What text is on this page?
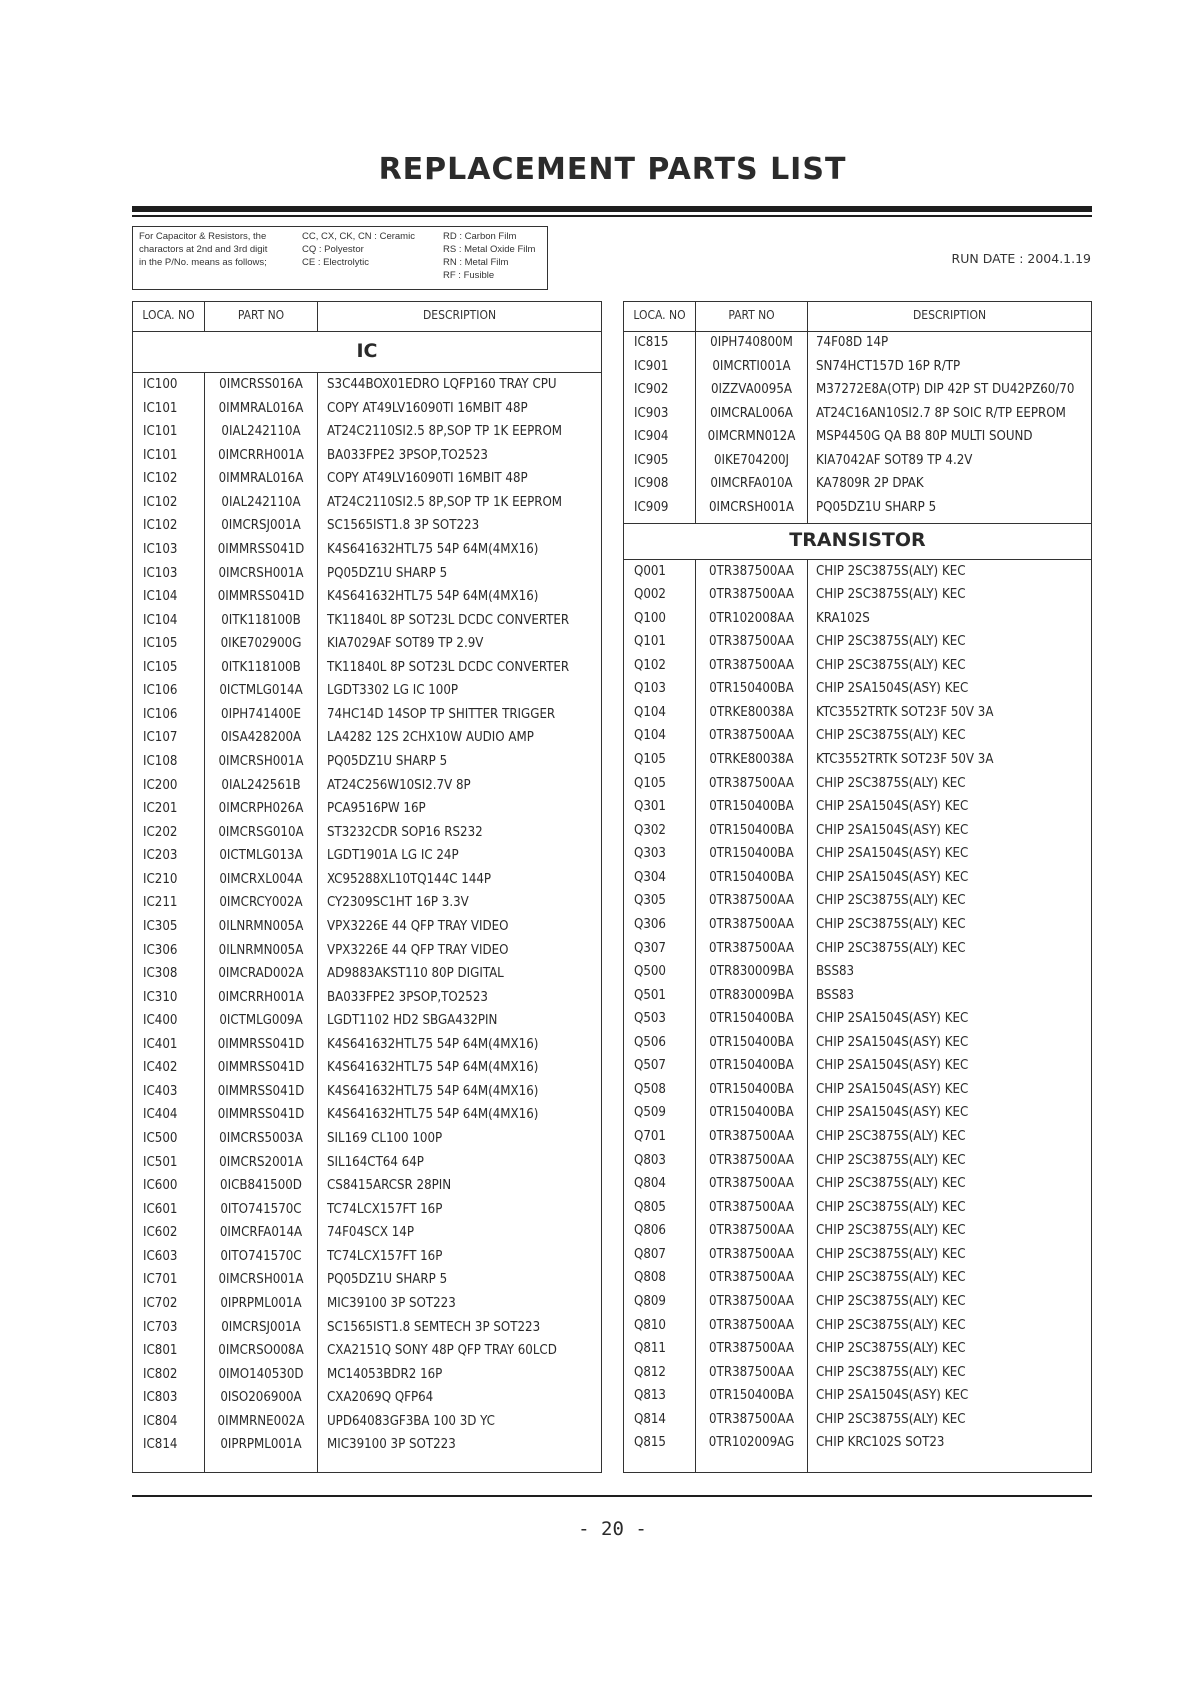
REPLACEMENT PARTS LIST
For Capacitor & Resistors, the
charactors at 2nd and 3rd digit
in the P/No. means as follows;
CC, CX, CK, CN : Ceramic
CQ : Polyestor
CE : Electrolytic
RD : Carbon Film
RS : Metal Oxide Film
RN : Metal Film
RF : Fusible
RUN DATE : 2004.1.19
LOCA. NO	PART NO	DESCRIPTION
IC
IC100	0IMCRSS016A	S3C44BOX01EDRO LQFP160 TRAY CPU
IC101	0IMMRAL016A	COPY AT49LV16090TI 16MBIT 48P
IC101	0IAL242110A	AT24C2110SI2.5 8P,SOP TP 1K EEPROM
IC101	0IMCRRH001A	BA033FPE2 3PSOP,TO2523
IC102	0IMMRAL016A	COPY AT49LV16090TI 16MBIT 48P
IC102	0IAL242110A	AT24C2110SI2.5 8P,SOP TP 1K EEPROM
IC102	0IMCRSJ001A	SC1565IST1.8 3P SOT223
IC103	0IMMRSS041D	K4S641632HTL75 54P 64M(4MX16)
IC103	0IMCRSH001A	PQ05DZ1U SHARP 5
IC104	0IMMRSS041D	K4S641632HTL75 54P 64M(4MX16)
IC104	0ITK118100B	TK11840L 8P SOT23L DCDC CONVERTER
IC105	0IKE702900G	KIA7029AF SOT89 TP 2.9V
IC105	0ITK118100B	TK11840L 8P SOT23L DCDC CONVERTER
IC106	0ICTMLG014A	LGDT3302 LG IC 100P
IC106	0IPH741400E	74HC14D 14SOP TP SHITTER TRIGGER
IC107	0ISA428200A	LA4282 12S 2CHX10W AUDIO AMP
IC108	0IMCRSH001A	PQ05DZ1U SHARP 5
IC200	0IAL242561B	AT24C256W10SI2.7V 8P
IC201	0IMCRPH026A	PCA9516PW 16P
IC202	0IMCRSG010A	ST3232CDR SOP16 RS232
IC203	0ICTMLG013A	LGDT1901A LG IC 24P
IC210	0IMCRXL004A	XC95288XL10TQ144C 144P
IC211	0IMCRCY002A	CY2309SC1HT 16P 3.3V
IC305	0ILNRMN005A	VPX3226E 44 QFP TRAY VIDEO
IC306	0ILNRMN005A	VPX3226E 44 QFP TRAY VIDEO
IC308	0IMCRAD002A	AD9883AKST110 80P DIGITAL
IC310	0IMCRRH001A	BA033FPE2 3PSOP,TO2523
IC400	0ICTMLG009A	LGDT1102 HD2 SBGA432PIN
IC401	0IMMRSS041D	K4S641632HTL75 54P 64M(4MX16)
IC402	0IMMRSS041D	K4S641632HTL75 54P 64M(4MX16)
IC403	0IMMRSS041D	K4S641632HTL75 54P 64M(4MX16)
IC404	0IMMRSS041D	K4S641632HTL75 54P 64M(4MX16)
IC500	0IMCRS5003A	SIL169 CL100 100P
IC501	0IMCRS2001A	SIL164CT64 64P
IC600	0ICB841500D	CS8415ARCSR 28PIN
IC601	0ITO741570C	TC74LCX157FT 16P
IC602	0IMCRFA014A	74F04SCX 14P
IC603	0ITO741570C	TC74LCX157FT 16P
IC701	0IMCRSH001A	PQ05DZ1U SHARP 5
IC702	0IPRPML001A	MIC39100 3P SOT223
IC703	0IMCRSJ001A	SC1565IST1.8 SEMTECH 3P SOT223
IC801	0IMCRSO008A	CXA2151Q SONY 48P QFP TRAY 60LCD
IC802	0IMO140530D	MC14053BDR2 16P
IC803	0ISO206900A	CXA2069Q QFP64
IC804	0IMMRNE002A	UPD64083GF3BA 100 3D YC
IC814	0IPRPML001A	MIC39100 3P SOT223
LOCA. NO	PART NO	DESCRIPTION
IC815	0IPH740800M	74F08D 14P
IC901	0IMCRTI001A	SN74HCT157D 16P R/TP
IC902	0IZZVA0095A	M37272E8A(OTP) DIP 42P ST DU42PZ60/70
IC903	0IMCRAL006A	AT24C16AN10SI2.7 8P SOIC R/TP EEPROM
IC904	0IMCRMN012A	MSP4450G QA B8 80P MULTI SOUND
IC905	0IKE704200J	KIA7042AF SOT89 TP 4.2V
IC908	0IMCRFA010A	KA7809R 2P DPAK
IC909	0IMCRSH001A	PQ05DZ1U SHARP 5
TRANSISTOR
Q001	0TR387500AA	CHIP 2SC3875S(ALY) KEC
Q002	0TR387500AA	CHIP 2SC3875S(ALY) KEC
Q100	0TR102008AA	KRA102S
Q101	0TR387500AA	CHIP 2SC3875S(ALY) KEC
Q102	0TR387500AA	CHIP 2SC3875S(ALY) KEC
Q103	0TR150400BA	CHIP 2SA1504S(ASY) KEC
Q104	0TRKE80038A	KTC3552TRTK SOT23F 50V 3A
Q104	0TR387500AA	CHIP 2SC3875S(ALY) KEC
Q105	0TRKE80038A	KTC3552TRTK SOT23F 50V 3A
Q105	0TR387500AA	CHIP 2SC3875S(ALY) KEC
Q301	0TR150400BA	CHIP 2SA1504S(ASY) KEC
Q302	0TR150400BA	CHIP 2SA1504S(ASY) KEC
Q303	0TR150400BA	CHIP 2SA1504S(ASY) KEC
Q304	0TR150400BA	CHIP 2SA1504S(ASY) KEC
Q305	0TR387500AA	CHIP 2SC3875S(ALY) KEC
Q306	0TR387500AA	CHIP 2SC3875S(ALY) KEC
Q307	0TR387500AA	CHIP 2SC3875S(ALY) KEC
Q500	0TR830009BA	BSS83
Q501	0TR830009BA	BSS83
Q503	0TR150400BA	CHIP 2SA1504S(ASY) KEC
Q506	0TR150400BA	CHIP 2SA1504S(ASY) KEC
Q507	0TR150400BA	CHIP 2SA1504S(ASY) KEC
Q508	0TR150400BA	CHIP 2SA1504S(ASY) KEC
Q509	0TR150400BA	CHIP 2SA1504S(ASY) KEC
Q701	0TR387500AA	CHIP 2SC3875S(ALY) KEC
Q803	0TR387500AA	CHIP 2SC3875S(ALY) KEC
Q804	0TR387500AA	CHIP 2SC3875S(ALY) KEC
Q805	0TR387500AA	CHIP 2SC3875S(ALY) KEC
Q806	0TR387500AA	CHIP 2SC3875S(ALY) KEC
Q807	0TR387500AA	CHIP 2SC3875S(ALY) KEC
Q808	0TR387500AA	CHIP 2SC3875S(ALY) KEC
Q809	0TR387500AA	CHIP 2SC3875S(ALY) KEC
Q810	0TR387500AA	CHIP 2SC3875S(ALY) KEC
Q811	0TR387500AA	CHIP 2SC3875S(ALY) KEC
Q812	0TR387500AA	CHIP 2SC3875S(ALY) KEC
Q813	0TR150400BA	CHIP 2SA1504S(ASY) KEC
Q814	0TR387500AA	CHIP 2SC3875S(ALY) KEC
Q815	0TR102009AG	CHIP KRC102S SOT23
- 20 -
